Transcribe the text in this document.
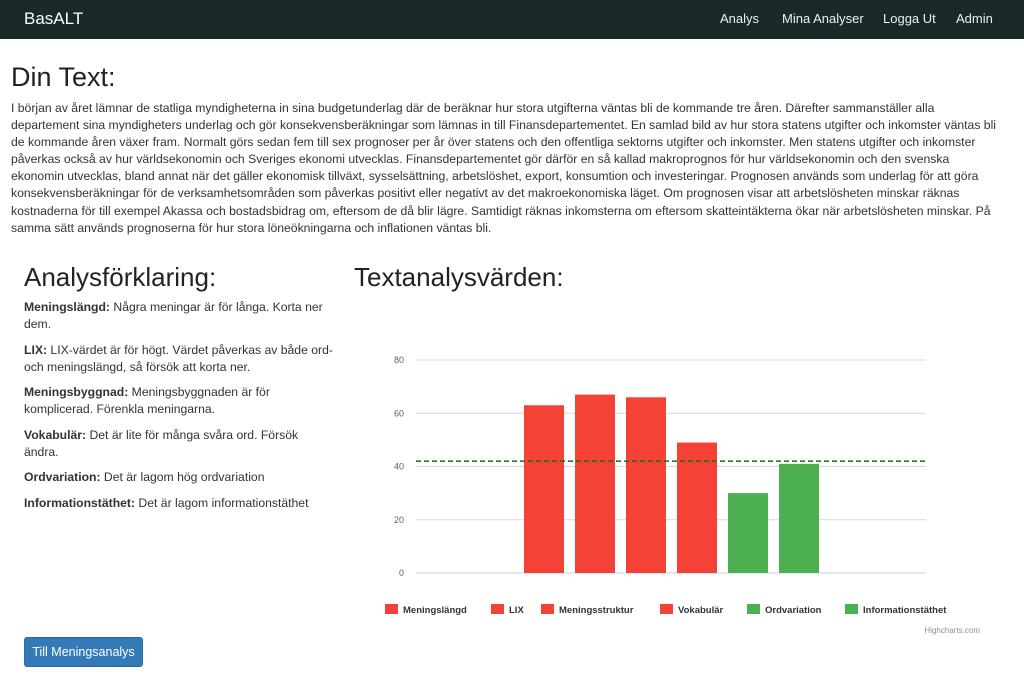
BasALT	Analys Mina Analyser Logga Ut Admin
Din Text:

I början av året lämnar de statliga myndigheterna in sina budgetunderlag där de beräknar hur stora utgifterna väntas bli de kommande tre åren. Därefter sammanställer alla departement sina myndigheters underlag och gör konsekvensberäkningar som lämnas in till Finansdepartementet. En samlad bild av hur stora statens utgifter och inkomster väntas bli de kommande åren växer fram. Normalt görs sedan fem till sex prognoser per år över statens och den offentliga sektorns utgifter och inkomster. Men statens utgifter och inkomster påverkas också av hur världsekonomin och Sveriges ekonomi utvecklas. Finansdepartementet gör därför en så kallad makroprognos för hur världsekonomin och den svenska ekonomin utvecklas, bland annat när det gäller ekonomisk tillväxt, sysselsättning, arbetslöshet, export, konsumtion och investeringar. Prognosen används som underlag för att göra konsekvensberäkningar för de verksamhetsområden som påverkas positivt eller negativt av det makroekonomiska läget. Om prognosen visar att arbetslösheten minskar räknas kostnaderna för till exempel Akassa och bostadsbidrag om, eftersom de då blir lägre. Samtidigt räknas inkomsterna om eftersom skatteintäkterna ökar när arbetslösheten minskar. På samma sätt används prognoserna för hur stora löneökningarna och inflationen väntas bli.

Analysförklaring:
Meningslängd: Några meningar är för långa. Korta ner dem.
LIX: LIX-värdet är för högt. Värdet påverkas av både ord- och meningslängd, så försök att korta ner.
Meningsbyggnad: Meningsbyggnaden är för komplicerad. Förenkla meningarna.
Vokabulär: Det är lite för många svåra ord. Försök ändra.
Ordvariation: Det är lagom hög ordvariation
Informationstäthet: Det är lagom informationstäthet
Textanalysvärden:
0
20
40
60
80
Meningslängd	LIX	Meningsstruktur	Vokabulär	Ordvariation	Informationstäthet
Highcharts.com
Till Meningsanalys
